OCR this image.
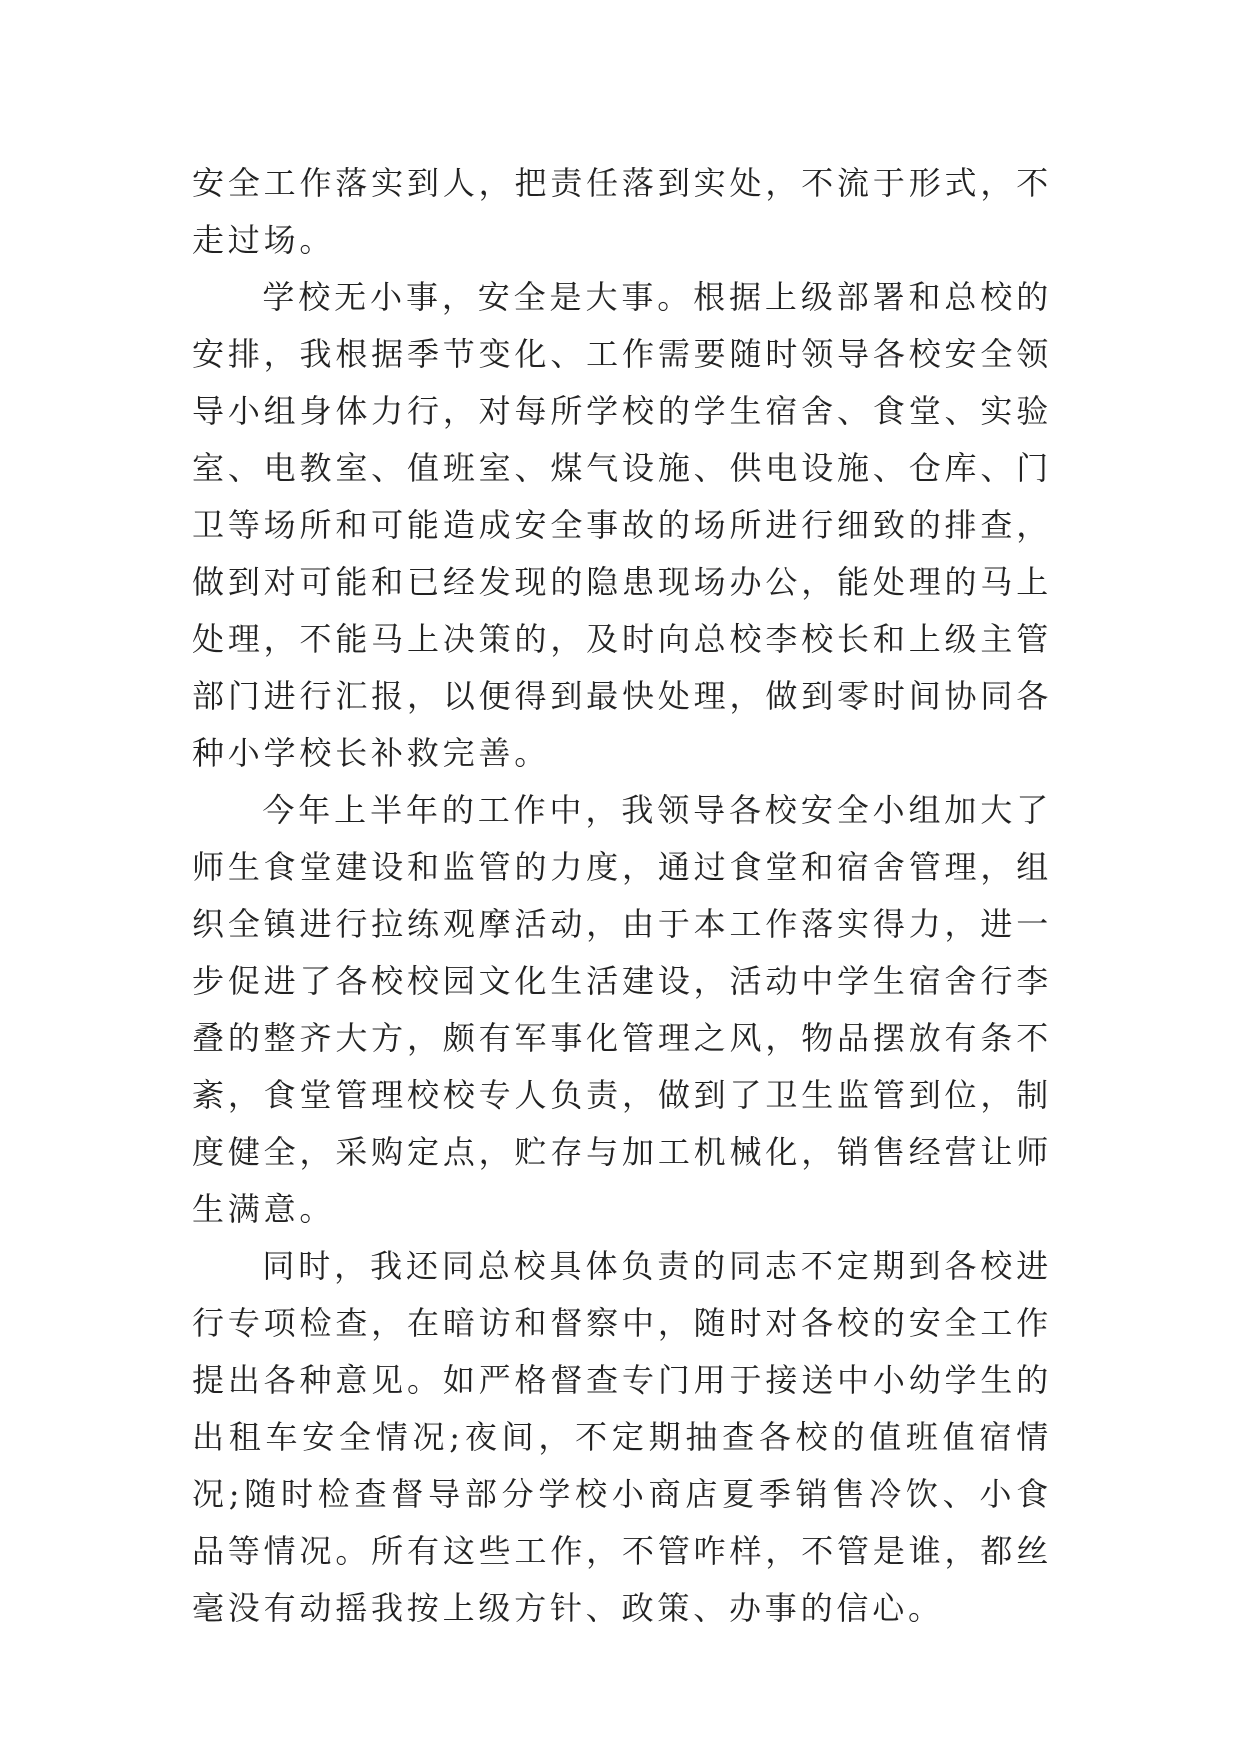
安全工作落实到人，把责任落到实处，不流于形式，不走过场。

学校无小事，安全是大事。根据上级部署和总校的安排，我根据季节变化、工作需要随时领导各校安全领导小组身体力行，对每所学校的学生宿舍、食堂、实验室、电教室、值班室、煤气设施、供电设施、仓库、门卫等场所和可能造成安全事故的场所进行细致的排查，做到对可能和已经发现的隐患现场办公，能处理的马上处理，不能马上决策的，及时向总校李校长和上级主管部门进行汇报，以便得到最快处理，做到零时间协同各种小学校长补救完善。

今年上半年的工作中，我领导各校安全小组加大了师生食堂建设和监管的力度，通过食堂和宿舍管理，组织全镇进行拉练观摩活动，由于本工作落实得力，进一步促进了各校校园文化生活建设，活动中学生宿舍行李叠的整齐大方，颇有军事化管理之风，物品摆放有条不紊，食堂管理校校专人负责，做到了卫生监管到位，制度健全，采购定点，贮存与加工机械化，销售经营让师生满意。

同时，我还同总校具体负责的同志不定期到各校进行专项检查，在暗访和督察中，随时对各校的安全工作提出各种意见。如严格督查专门用于接送中小幼学生的出租车安全情况;夜间，不定期抽查各校的值班值宿情况;随时检查督导部分学校小商店夏季销售冷饮、小食品等情况。所有这些工作，不管咋样，不管是谁，都丝毫没有动摇我按上级方针、政策、办事的信心。
